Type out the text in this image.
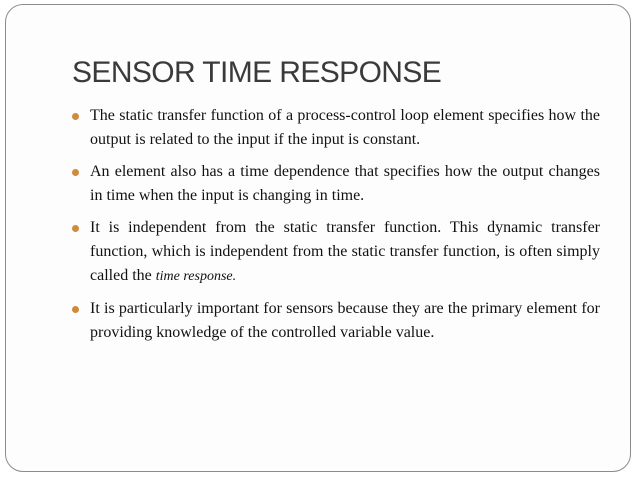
SENSOR TIME RESPONSE
The static transfer function of a process-control loop element specifies how the output is related to the input if the input is constant.
An element also has a time dependence that specifies how the output changes in time when the input is changing in time.
It is independent from the static transfer function. This dynamic transfer function, which is independent from the static transfer function, is often simply called the time response.
It is particularly important for sensors because they are the primary element for providing knowledge of the controlled variable value.
